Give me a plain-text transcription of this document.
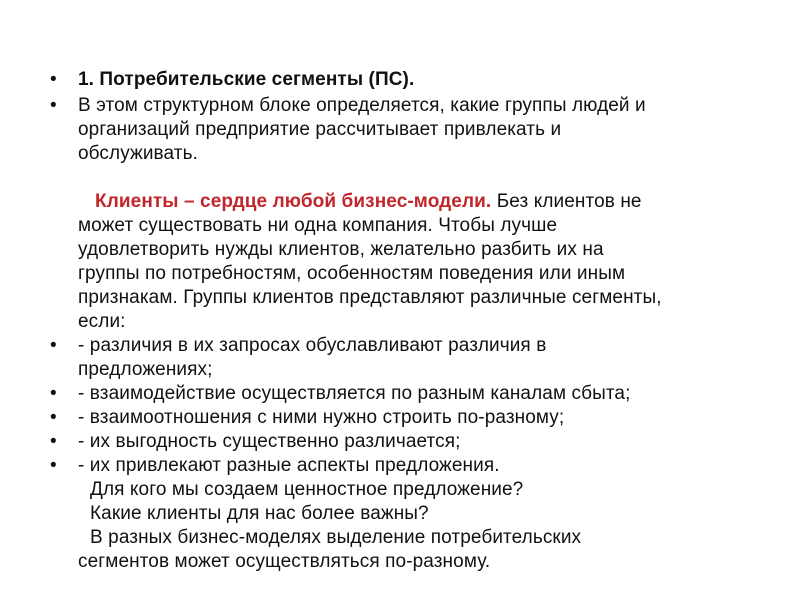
• 1. Потребительские сегменты (ПС).
• В этом структурном блоке определяется, какие группы людей и
организаций предприятие рассчитывает привлекать и
обслуживать.
Клиенты – сердце любой бизнес-модели. Без клиентов не
может существовать ни одна компания. Чтобы лучше
удовлетворить нужды клиентов, желательно разбить их на
группы по потребностям, особенностям поведения или иным
признакам. Группы клиентов представляют различные сегменты,
если:
• - различия в их запросах обуславливают различия в
предложениях;
• - взаимодействие осуществляется по разным каналам сбыта;
• - взаимоотношения с ними нужно строить по-разному;
• - их выгодность существенно различается;
• - их привлекают разные аспекты предложения.
Для кого мы создаем ценностное предложение?
Какие клиенты для нас более важны?
В разных бизнес-моделях выделение потребительских
сегментов может осуществляться по-разному.
